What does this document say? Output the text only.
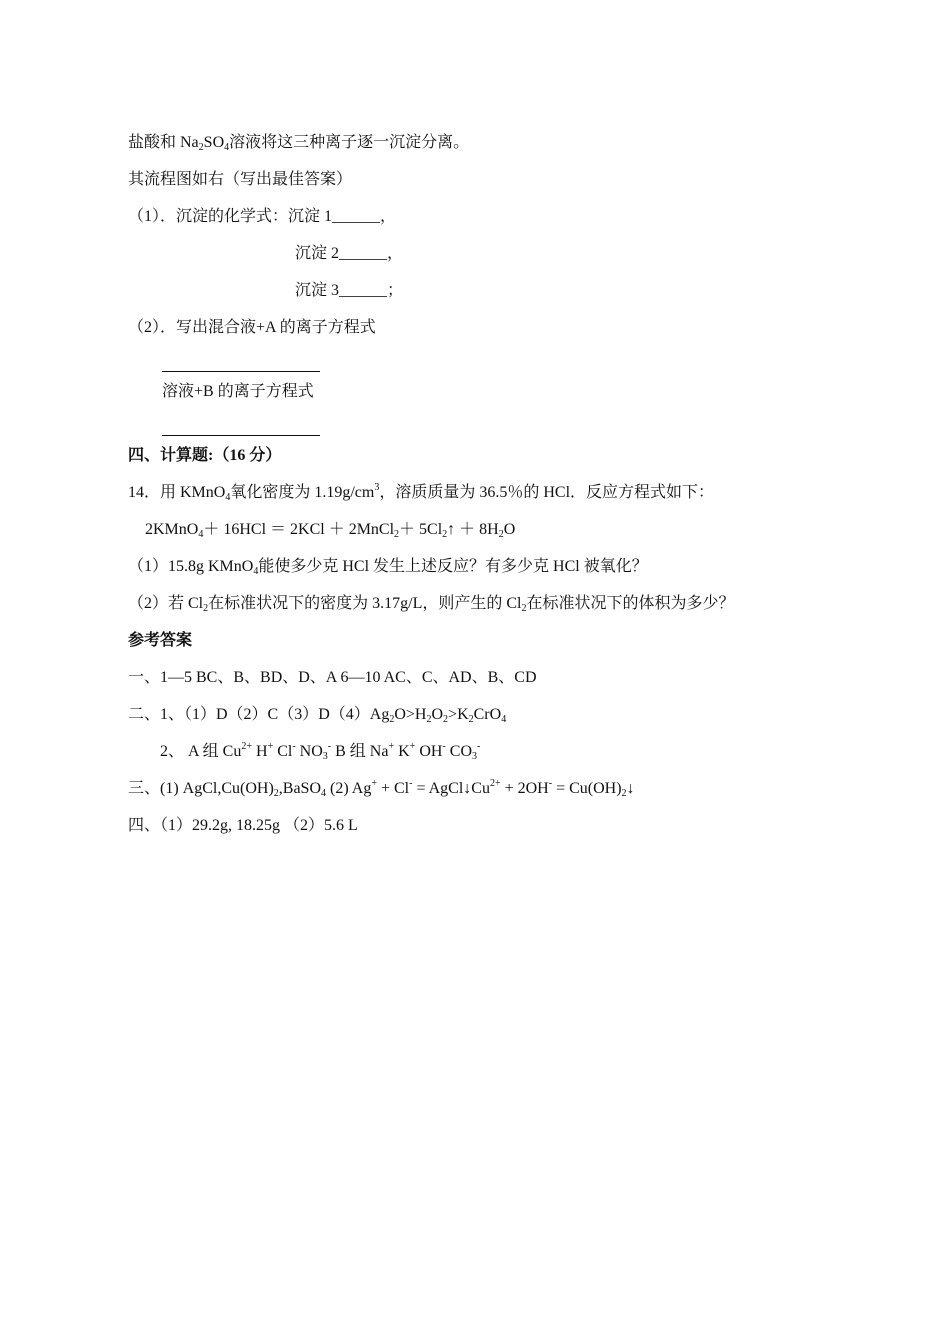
盐酸和 $Na_2SO_4$溶液将这三种离子逐一沉淀分离。
其流程图如右（写出最佳答案）
（1）．沉淀的化学式：沉淀 1______，
沉淀 2______，
沉淀 3______；
（2）．写出混合液+A 的离子方程式
溶液+B 的离子方程式
四、计算题:（16 分）
14．用 KMnO$_4$氧化密度为 $1.19g/cm^3$，溶质质量为 36.5％的 HCl．反应方程式如下：
2KMnO$_4$＋ 16HCl ＝ 2KCl ＋ 2MnCl$_2$＋ $5Cl_2↑ + 8H_2O$
（1）15.8g KMnO$_4$能使多少克 HCl 发生上述反应？有多少克 HCl 被氧化？
（2）若 $Cl_2$在标准状况下的密度为 3.17g/L，则产生的 $Cl_2$在标准状况下的体积为多少？
参考答案
一、1—5 BC、B、BD、D、A 6—10 AC、C、AD、B、CD
二、1、$(1)D(2)C(3)D(4)Ag_2O>H_2O_2>K_2CrO_4$
2、 A 组 $Cu^{2+}$ H+ Cl- $NO_3^-$ B 组 Na+ K+ OH- $CO_3^-$
三、(1) $AgCl,Cu(OH)_2,BaSO_4$ (2) $Ag^+ + Cl^- = AgCl↓Cu^{2+} + 2OH^-$ = $Cu(OH)_2↓$
四、（1）29.2g, 18.25g （2）5.6 L
